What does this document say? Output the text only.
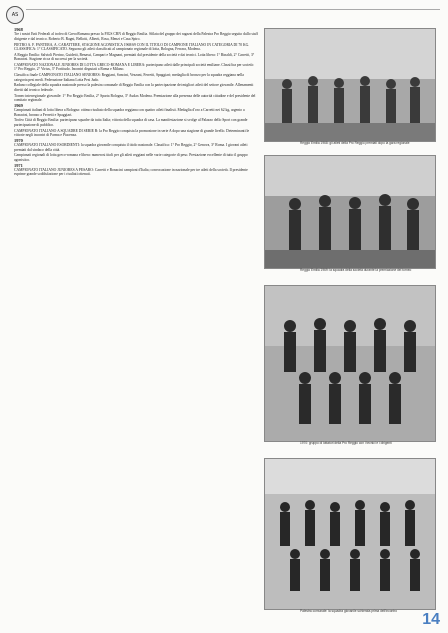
AS

1968
Tre i nostri Enti Federali al trofeo di GrecoRomana presso la FIGS CRN di Reggio Emilia. Sfilata del gruppo dei ragazzi della Palestra Pro Reggio seguito dallo staff dirigente e dal tecnico. Roberto B. Ragni, Bellotti, Alberti, Rosa, Menzi e Casa Spiro.

PIETRO A. F. PANTERA, A. CARATTERE, STAGIONE AGONISTICA 1968/69 CON IL TITOLO DI CAMPIONE ITALIANO IN CATEGORIA DI 70 KG. CLASSIFICA: 1° CLASSIFICATO. Seguono gli atleti classificati al campionato regionale di lotta, Bologna, Ferrara, Modena.

A Reggio Emilia: Salvioli Pierino, Guidetti, Benassi, Campari e Magnani, premiati dal presidente della società e dai tecnici. Lotta libera: 1° Rinaldi, 2° Carretti, 3° Bonacini. Stagione ricca di successi per la società.

CAMPIONATO NAZIONALE JUNIORES DI LOTTA GRECO-ROMANA E LIBERA: partecipano atleti dalle principali società emiliane. Classifica per società: 1° Pro Reggio, 2° Virtus, 3° Fortitudo. Incontri disputati a Roma e Milano.

Classifica finale CAMPIONATO ITALIANO SENIORES: Reggiani, Soncini, Vezzani, Ferretti, Spaggiari; medaglia di bronzo per la squadra reggiana nella categoria pesi medi. Federazione Italiana Lotta Pesi Judo.

Raduno collegiale della squadra nazionale presso la palestra comunale di Reggio Emilia con la partecipazione dei migliori atleti del settore giovanile. Allenamenti diretti dal tecnico federale.

Torneo interregionale giovanile: 1° Pro Reggio Emilia, 2° Sparta Bologna, 3° Audax Modena. Premiazione alla presenza delle autorità cittadine e del presidente del comitato regionale.

1969
Campionati italiani di lotta libera a Bologna: ottimo risultato della squadra reggiana con quattro atleti finalisti. Medaglia d'oro a Carretti nei 62 kg, argento a Bonacini, bronzo a Ferretti e Spaggiari.

Trofeo Città di Reggio Emilia: partecipano squadre da tutta Italia; vittoria della squadra di casa. La manifestazione si svolge al Palazzo dello Sport con grande partecipazione di pubblico.

CAMPIONATO ITALIANO A SQUADRE DI SERIE B: la Pro Reggio conquista la promozione in serie A dopo una stagione di grande livello. Determinanti le vittorie negli incontri di Parma e Piacenza.

1970
CAMPIONATO ITALIANO ESORDIENTI: la squadra giovanile conquista il titolo nazionale. Classifica: 1° Pro Reggio, 2° Genova, 3° Roma. I giovani atleti premiati dal sindaco della città.

Campionati regionali di lotta greco-romana e libera: numerosi titoli per gli atleti reggiani nelle varie categorie di peso. Prestazione eccellente di tutto il gruppo agonistico.

1971
CAMPIONATO ITALIANO JUNIORES A PESARO: Carretti e Bonacini campioni d'Italia; convocazione in nazionale per tre atleti della società. Il presidente esprime grande soddisfazione per i risultati ottenuti.

Reggio Emilia 1968: gli atleti della Pro Reggio premiati dopo la gara regionale
Reggio Emilia 1969: la squadra della società durante la premiazione del torneo
1970: gruppo di lottatori della Pro Reggio con i tecnici e i dirigenti
Palestra comunale: la squadra giovanile schierata prima dell'incontro 14
